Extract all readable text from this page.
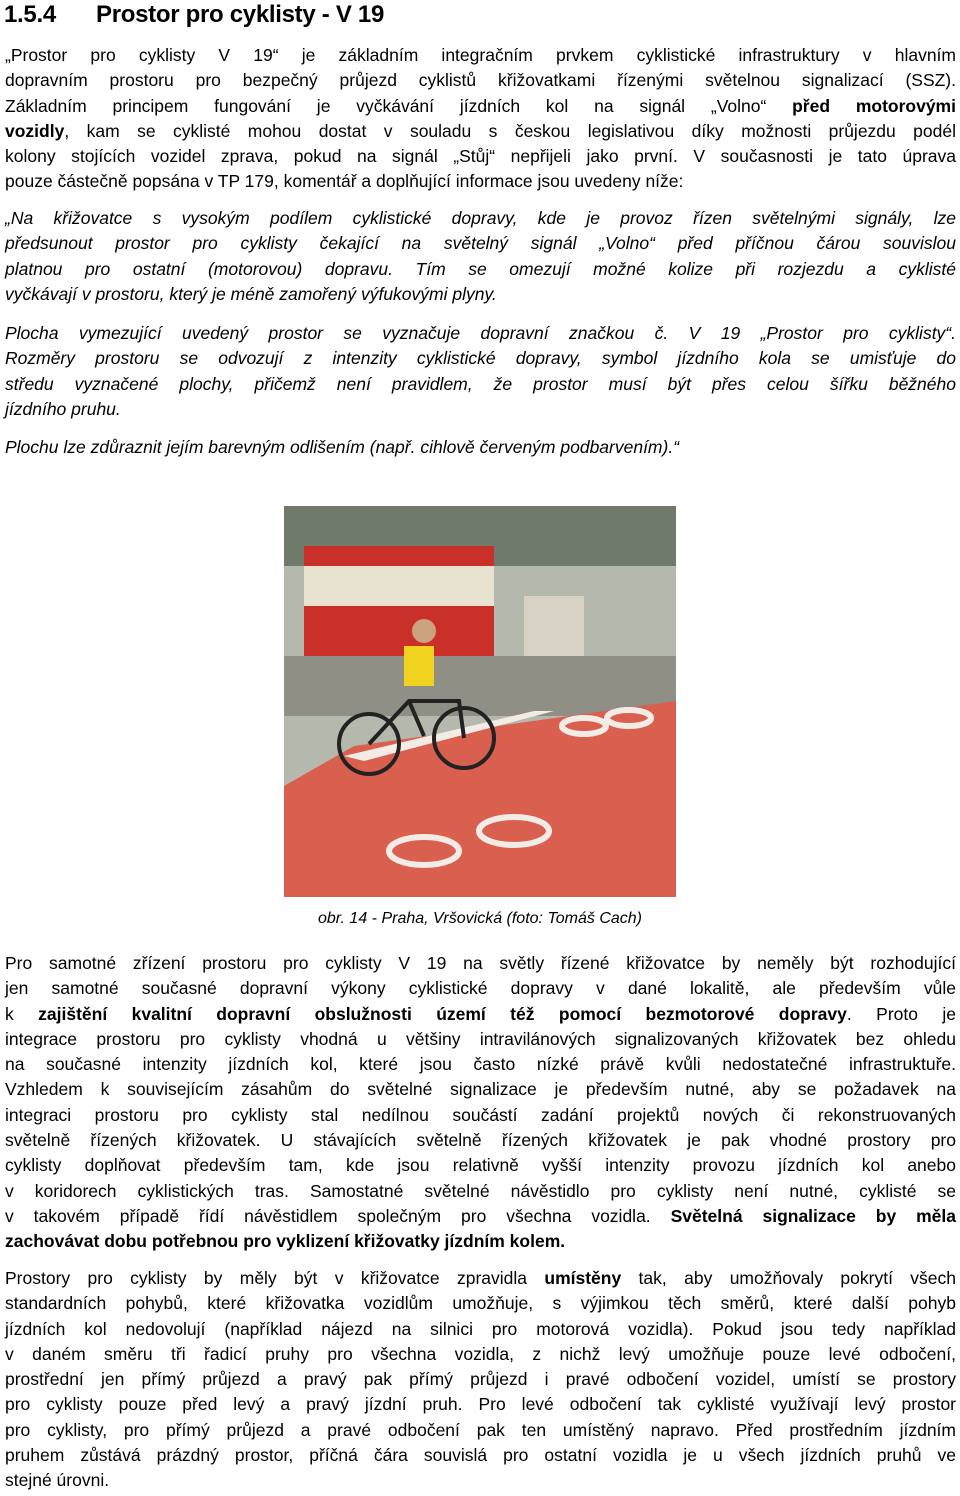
1.5.4 Prostor pro cyklisty - V 19
„Prostor pro cyklisty V 19“ je základním integračním prvkem cyklistické infrastruktury v hlavním
dopravním prostoru pro bezpečný průjezd cyklistů křižovatkami řízenými světelnou signalizací (SSZ).
Základním principem fungování je vyčkávání jízdních kol na signál „Volno“ před motorovými
vozidly, kam se cyklisté mohou dostat v souladu s českou legislativou díky možnosti průjezdu podél
kolony stojících vozidel zprava, pokud na signál „Stůj“ nepřijeli jako první. V současnosti je tato úprava
pouze částečně popsána v TP 179, komentář a doplňující informace jsou uvedeny níže:
„Na křižovatce s vysokým podílem cyklistické dopravy, kde je provoz řízen světelnými signály, lze
předsunout prostor pro cyklisty čekající na světelný signál „Volno“ před příčnou čárou souvislou
platnou pro ostatní (motorovou) dopravu. Tím se omezují možné kolize při rozjezdu a cyklisté
vyčkávají v prostoru, který je méně zamořený výfukovými plyny.
Plocha vymezující uvedený prostor se vyznačuje dopravní značkou č. V 19 „Prostor pro cyklisty“.
Rozměry prostoru se odvozují z intenzity cyklistické dopravy, symbol jízdního kola se umisťuje do
středu vyznačené plochy, přičemž není pravidlem, že prostor musí být přes celou šířku běžného
jízdního pruhu.
Plochu lze zdůraznit jejím barevným odlišením (např. cihlově červeným podbarvením).“
Pro samotné zřízení prostoru pro cyklisty V 19 na světly řízené křižovatce by neměly být rozhodující
jen samotné současné dopravní výkony cyklistické dopravy v dané lokalitě, ale především vůle
k zajištění kvalitní dopravní obslužnosti území též pomocí bezmotorové dopravy. Proto je
integrace prostoru pro cyklisty vhodná u většiny intravilánových signalizovaných křižovatek bez ohledu
na současné intenzity jízdních kol, které jsou často nízké právě kvůli nedostatečné infrastruktuře.
Vzhledem k souvisejícím zásahům do světelné signalizace je především nutné, aby se požadavek na
integraci prostoru pro cyklisty stal nedílnou součástí zadání projektů nových či rekonstruovaných
světelně řízených křižovatek. U stávajících světelně řízených křižovatek je pak vhodné prostory pro
cyklisty doplňovat především tam, kde jsou relativně vyšší intenzity provozu jízdních kol anebo
v koridorech cyklistických tras. Samostatné světelné návěstidlo pro cyklisty není nutné, cyklisté se
v takovém případě řídí návěstidlem společným pro všechna vozidla. Světelná signalizace by měla
zachovávat dobu potřebnou pro vyklizení křižovatky jízdním kolem.
Prostory pro cyklisty by měly být v křižovatce zpravidla umístěny tak, aby umožňovaly pokrytí všech
standardních pohybů, které křižovatka vozidlům umožňuje, s výjimkou těch směrů, které další pohyb
jízdních kol nedovolují (například nájezd na silnici pro motorová vozidla). Pokud jsou tedy například
v daném směru tři řadicí pruhy pro všechna vozidla, z nichž levý umožňuje pouze levé odbočení,
prostřední jen přímý průjezd a pravý pak přímý průjezd i pravé odbočení vozidel, umístí se prostory
pro cyklisty pouze před levý a pravý jízdní pruh. Pro levé odbočení tak cyklisté využívají levý prostor
pro cyklisty, pro přímý průjezd a pravé odbočení pak ten umístěný napravo. Před prostředním jízdním
pruhem zůstává prázdný prostor, příčná čára souvislá pro ostatní vozidla je u všech jízdních pruhů ve
stejné úrovni.
obr. 14 - Praha, Vršovická (foto: Tomáš Cach)
